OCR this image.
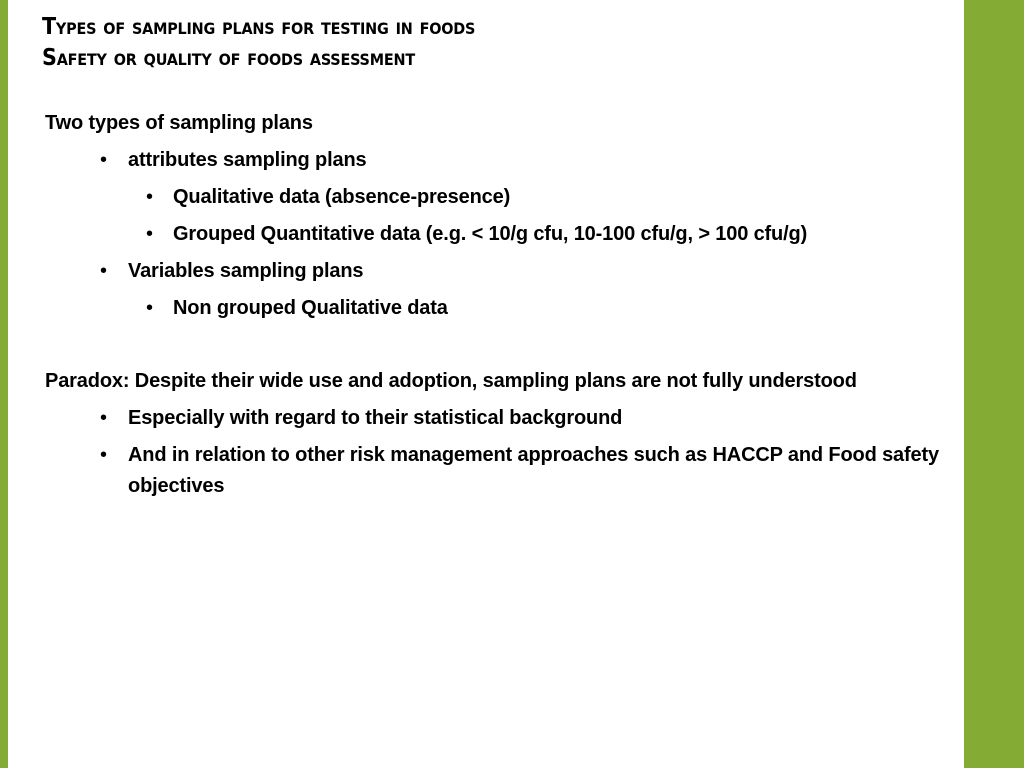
Types of sampling plans for testing in foods
Safety or quality of foods assessment

Two types of sampling plans

• attributes sampling plans
• Qualitative data (absence-presence)
• Grouped Quantitative data (e.g. < 10/g cfu, 10-100 cfu/g, > 100 cfu/g)
• Variables sampling plans
• Non grouped Qualitative data

Paradox: Despite their wide use and adoption, sampling plans are not fully understood

• Especially with regard to their statistical background
• And in relation to other risk management approaches such as HACCP and Food safety objectives
